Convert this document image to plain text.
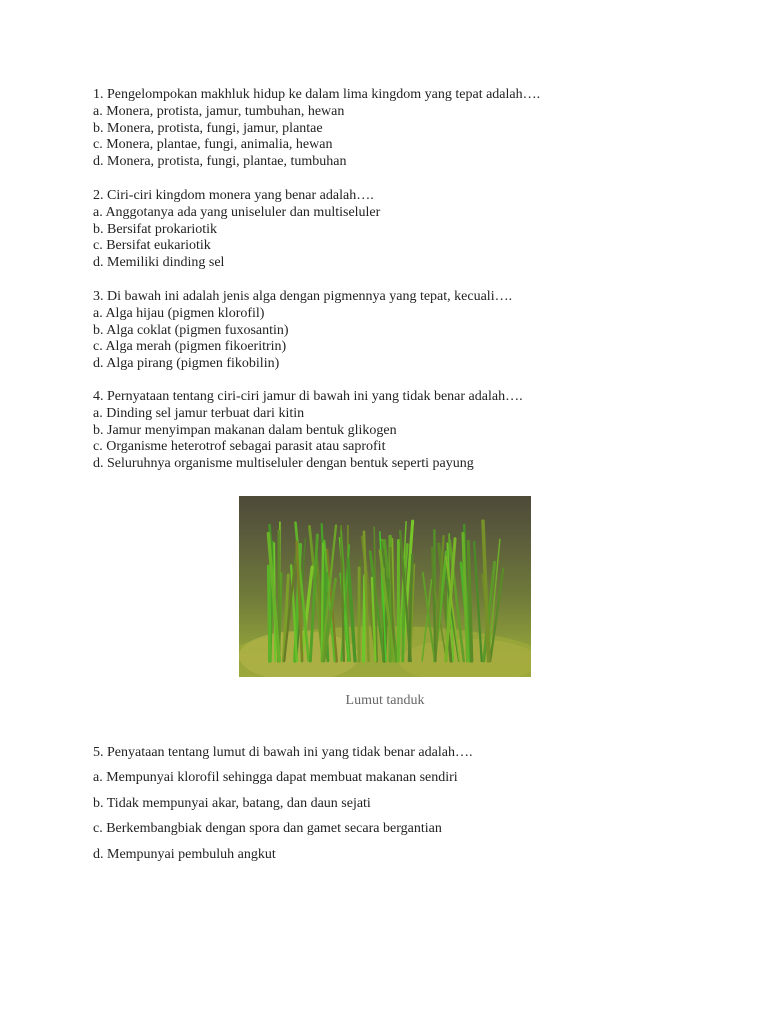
1. Pengelompokan makhluk hidup ke dalam lima kingdom yang tepat adalah….
a. Monera, protista, jamur, tumbuhan, hewan
b. Monera, protista, fungi, jamur, plantae
c. Monera, plantae, fungi, animalia, hewan
d. Monera, protista, fungi, plantae, tumbuhan
2. Ciri-ciri kingdom monera yang benar adalah….
a. Anggotanya ada yang uniseluler dan multiseluler
b. Bersifat prokariotik
c. Bersifat eukariotik
d. Memiliki dinding sel
3. Di bawah ini adalah jenis alga dengan pigmennya yang tepat, kecuali….
a. Alga hijau (pigmen klorofil)
b. Alga coklat (pigmen fuxosantin)
c. Alga merah (pigmen fikoeritrin)
d. Alga pirang (pigmen fikobilin)
4. Pernyataan tentang ciri-ciri jamur di bawah ini yang tidak benar adalah….
a. Dinding sel jamur terbuat dari kitin
b. Jamur menyimpan makanan dalam bentuk glikogen
c. Organisme heterotrof sebagai parasit atau saprofit
d. Seluruhnya organisme multiseluler dengan bentuk seperti payung
Lumut tanduk
5. Penyataan tentang lumut di bawah ini yang tidak benar adalah….
a. Mempunyai klorofil sehingga dapat membuat makanan sendiri
b. Tidak mempunyai akar, batang, dan daun sejati
c. Berkembangbiak dengan spora dan gamet secara bergantian
d. Mempunyai pembuluh angkut
